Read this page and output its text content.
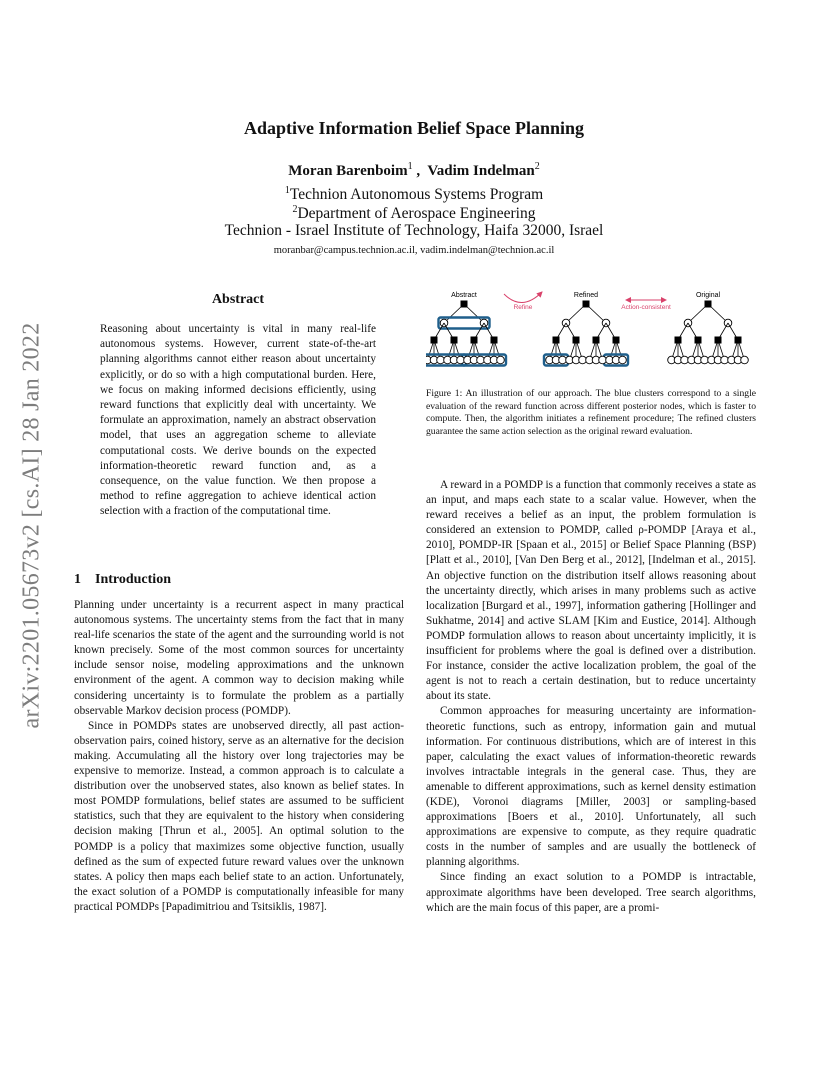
arXiv:2201.05673v2 [cs.AI] 28 Jan 2022
Adaptive Information Belief Space Planning
Moran Barenboim$^1$ ,  Vadim Indelman$^2$
$^1$Technion Autonomous Systems Program
$^2$Department of Aerospace Engineering
Technion - Israel Institute of Technology, Haifa 32000, Israel
moranbar@campus.technion.ac.il, vadim.indelman@technion.ac.il
Abstract
Reasoning about uncertainty is vital in many real-life autonomous systems. However, current state-of-the-art planning algorithms cannot either reason about uncertainty explicitly, or do so with a high computational burden. Here, we focus on making informed decisions efficiently, using reward functions that explicitly deal with uncertainty. We formulate an approximation, namely an abstract observation model, that uses an aggregation scheme to alleviate computational costs. We derive bounds on the expected information-theoretic reward function and, as a consequence, on the value function. We then propose a method to refine aggregation to achieve identical action selection with a fraction of the computational time.
1 Introduction

Planning under uncertainty is a recurrent aspect in many practical autonomous systems. The uncertainty stems from the fact that in many real-life scenarios the state of the agent and the surrounding world is not known precisely. Some of the most common sources for uncertainty include sensor noise, modeling approximations and the unknown environment of the agent. A common way to decision making while considering uncertainty is to formulate the problem as a partially observable Markov decision process (POMDP).

Since in POMDPs states are unobserved directly, all past action-observation pairs, coined history, serve as an alternative for the decision making. Accumulating all the history over long trajectories may be expensive to memorize. Instead, a common approach is to calculate a distribution over the unobserved states, also known as belief states. In most POMDP formulations, belief states are assumed to be sufficient statistics, such that they are equivalent to the history when considering decision making [Thrun et al., 2005]. An optimal solution to the POMDP is a policy that maximizes some objective function, usually defined as the sum of expected future reward values over the unknown states. A policy then maps each belief state to an action. Unfortunately, the exact solution of a POMDP is computationally infeasible for many practical POMDPs [Papadimitriou and Tsitsiklis, 1987].

Abstract	Refined	Original
Refine	Action-consistent
Figure 1: An illustration of our approach. The blue clusters correspond to a single evaluation of the reward function across different posterior nodes, which is faster to compute. Then, the algorithm initiates a refinement procedure; The refined clusters guarantee the same action selection as the original reward evaluation.

A reward in a POMDP is a function that commonly receives a state as an input, and maps each state to a scalar value. However, when the reward receives a belief as an input, the problem formulation is considered an extension to POMDP, called ρ-POMDP [Araya et al., 2010], POMDP-IR [Spaan et al., 2015] or Belief Space Planning (BSP) [Platt et al., 2010], [Van Den Berg et al., 2012], [Indelman et al., 2015]. An objective function on the distribution itself allows reasoning about the uncertainty directly, which arises in many problems such as active localization [Burgard et al., 1997], information gathering [Hollinger and Sukhatme, 2014] and active SLAM [Kim and Eustice, 2014]. Although POMDP formulation allows to reason about uncertainty implicitly, it is insufficient for problems where the goal is defined over a distribution. For instance, consider the active localization problem, the goal of the agent is not to reach a certain destination, but to reduce uncertainty about its state.

Common approaches for measuring uncertainty are information-theoretic functions, such as entropy, information gain and mutual information. For continuous distributions, which are of interest in this paper, calculating the exact values of information-theoretic rewards involves intractable integrals in the general case. Thus, they are amenable to different approximations, such as kernel density estimation (KDE), Voronoi diagrams [Miller, 2003] or sampling-based approximations [Boers et al., 2010]. Unfortunately, all such approximations are expensive to compute, as they require quadratic costs in the number of samples and are usually the bottleneck of planning algorithms.

Since finding an exact solution to a POMDP is intractable, approximate algorithms have been developed. Tree search algorithms, which are the main focus of this paper, are a promi-
